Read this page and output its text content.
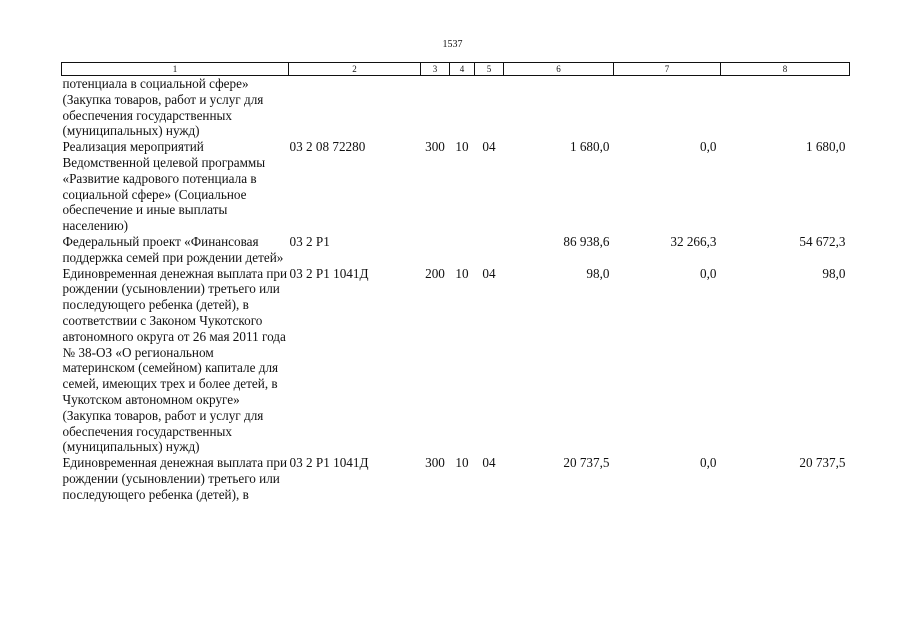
1537
1	2	3	4	5	6	7	8
потенциала в социальной сфере» (Закупка товаров, работ и услуг для обеспечения государственных (муниципальных) нужд)							
Реализация мероприятий Ведомственной целевой программы «Развитие кадрового потенциала в социальной сфере» (Социальное обеспечение и иные выплаты населению)	03 2 08 72280	300	10	04	1 680,0	0,0	1 680,0
Федеральный проект «Финансовая поддержка семей при рождении детей»	03 2 P1				86 938,6	32 266,3	54 672,3
Единовременная денежная выплата при рождении (усыновлении) третьего или последующего ребенка (детей), в соответствии с Законом Чукотского автономного округа от 26 мая 2011 года № 38-ОЗ «О региональном материнском (семейном) капитале для семей, имеющих трех и более детей, в Чукотском автономном округе» (Закупка товаров, работ и услуг для обеспечения государственных (муниципальных) нужд)	03 2 P1 1041Д	200	10	04	98,0	0,0	98,0
Единовременная денежная выплата при рождении (усыновлении) третьего или последующего ребенка (детей), в	03 2 P1 1041Д	300	10	04	20 737,5	0,0	20 737,5
